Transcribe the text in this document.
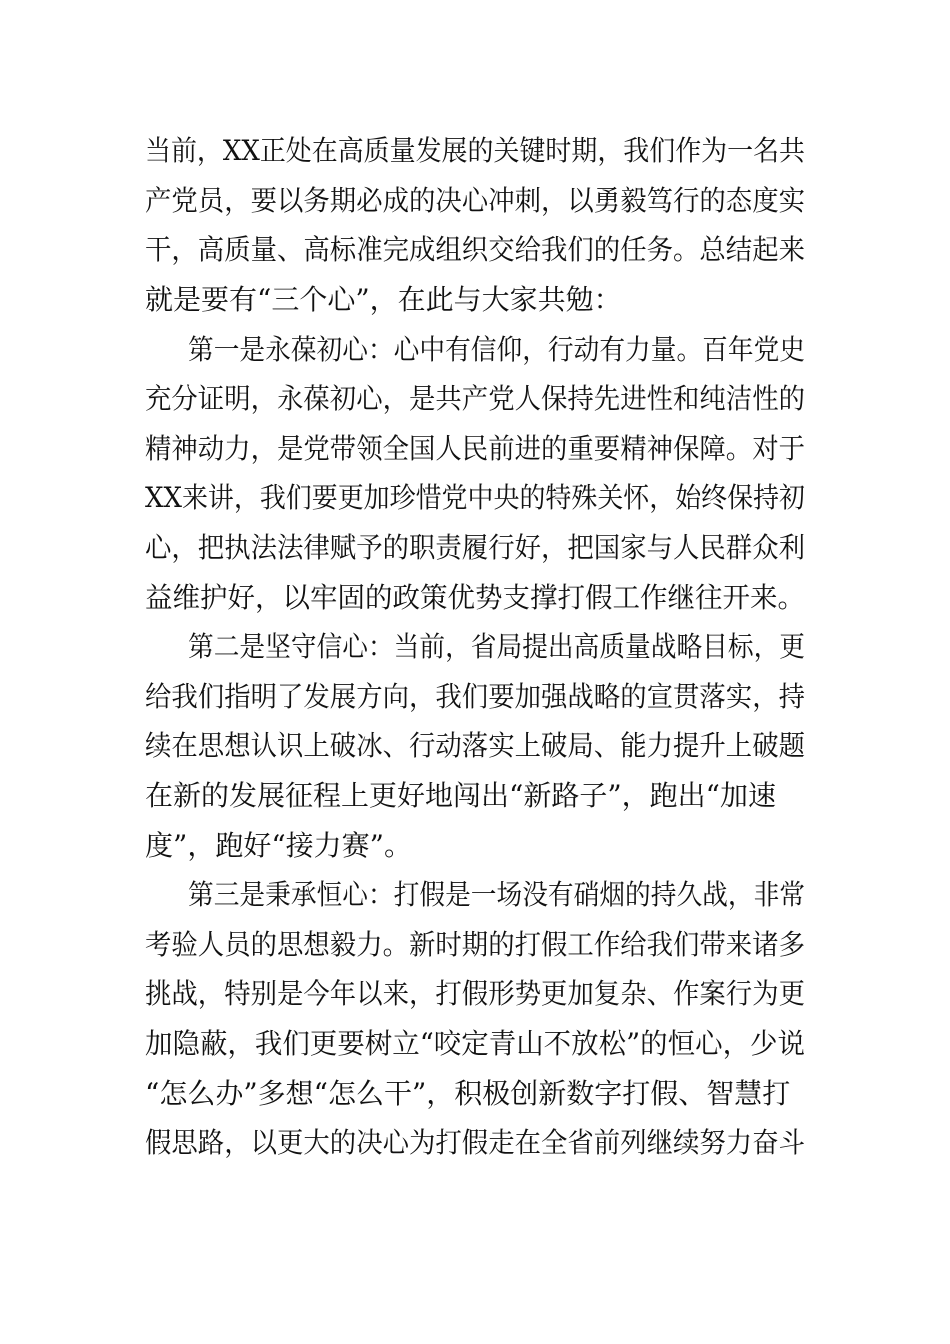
当前，XX正处在高质量发展的关键时期，我们作为一名共
产党员，要以务期必成的决心冲刺，以勇毅笃行的态度实
干，高质量、高标准完成组织交给我们的任务。总结起来
就是要有“三个心”，在此与大家共勉：
第一是永葆初心：心中有信仰，行动有力量。百年党史
充分证明，永葆初心，是共产党人保持先进性和纯洁性的
精神动力，是党带领全国人民前进的重要精神保障。对于
XX来讲，我们要更加珍惜党中央的特殊关怀，始终保持初
心，把执法法律赋予的职责履行好，把国家与人民群众利
益维护好，以牢固的政策优势支撑打假工作继往开来。
第二是坚守信心：当前，省局提出高质量战略目标，更
给我们指明了发展方向，我们要加强战略的宣贯落实，持
续在思想认识上破冰、行动落实上破局、能力提升上破题
在新的发展征程上更好地闯出“新路子”，跑出“加速
度”，跑好“接力赛”。
第三是秉承恒心：打假是一场没有硝烟的持久战，非常
考验人员的思想毅力。新时期的打假工作给我们带来诸多
挑战，特别是今年以来，打假形势更加复杂、作案行为更
加隐蔽，我们更要树立“咬定青山不放松”的恒心，少说
“怎么办”多想“怎么干”，积极创新数字打假、智慧打
假思路，以更大的决心为打假走在全省前列继续努力奋斗
